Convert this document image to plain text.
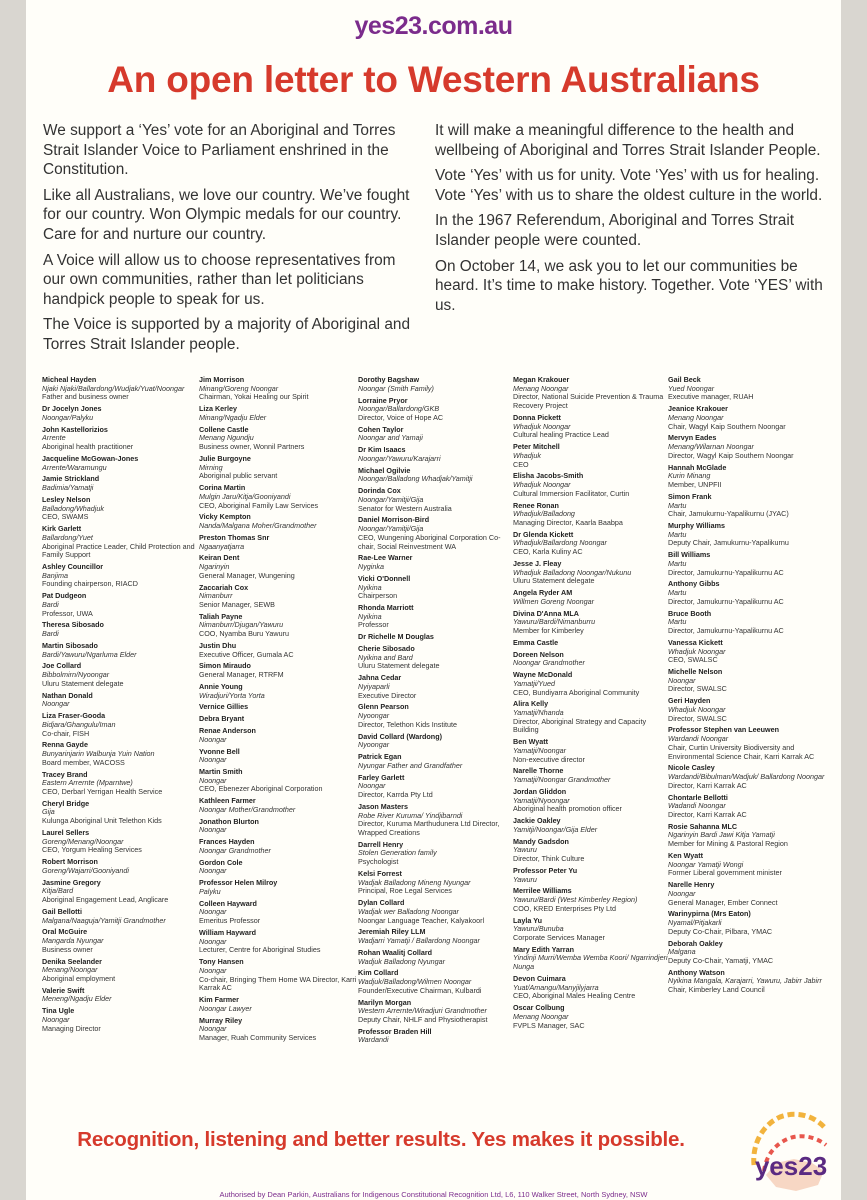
yes23.com.au
An open letter to Western Australians

We support a ‘Yes’ vote for an Aboriginal and Torres Strait Islander Voice to Parliament enshrined in the Constitution.

Like all Australians, we love our country. We’ve fought for our country. Won Olympic medals for our country. Care for and nurture our country.

A Voice will allow us to choose representatives from our own communities, rather than let politicians handpick people to speak for us.

The Voice is supported by a majority of Aboriginal and Torres Strait Islander people.

It will make a meaningful difference to the health and wellbeing of Aboriginal and Torres Strait Islander People.

Vote ‘Yes’ with us for unity. Vote ‘Yes’ with us for healing. Vote ‘Yes’ with us to share the oldest culture in the world.

In the 1967 Referendum, Aboriginal and Torres Strait Islander people were counted.

On October 14, we ask you to let our communities be heard. It’s time to make history. Together. Vote ‘YES’ with us.

Micheal Hayden
Njaki Njaki/Ballardong/Wudjak/Yuat/Noongar
Father and business owner
Dr Jocelyn Jones
Noongar/Palyku
John Kastellorizios
Arrente
Aboriginal health practitioner
Jacqueline McGowan-Jones
Arrente/Waramungu
Jamie Strickland
Badimia/Yamatji
Lesley Nelson
Balladong/Whadjuk
CEO, SWAMS
Kirk Garlett
Ballardong/Yuet
Aboriginal Practice Leader, Child Protection and Family Support
Ashley Councillor
Banjima
Founding chairperson, RIACD
Pat Dudgeon
Bardi
Professor, UWA
Theresa Sibosado
Bardi
Martin Sibosado
Bardi/Yawuru/Ngarluma Elder
Joe Collard
Bibbolmirn/Nyoongar
Uluru Statement delegate
Nathan Donald
Noongar
Liza Fraser-Gooda
Bidjara/Ghangulu/Iman
Co-chair, FISH
Renna Gayde
Bunyarinjarin Walbunja Yuin Nation
Board member, WACOSS
Tracey Brand
Eastern Arrernte (Mparntwe)
CEO, Derbarl Yerrigan Health Service
Cheryl Bridge
Gija
Kulunga Aboriginal Unit Telethon Kids
Laurel Sellers
Goreng/Menang/Noongar
CEO, Yorgum Healing Services
Robert Morrison
Goreng/Wajarri/Gooniyandi
Jasmine Gregory
Kitja/Bard
Aboriginal Engagement Lead, Anglicare
Gail Bellotti
Malgana/Naaguja/Yamitji Grandmother
Oral McGuire
Mangarda Nyungar
Business owner
Denika Seelander
Menang/Noongar
Aboriginal employment
Valerie Swift
Meneng/Ngadju Elder
Tina Ugle
Noongar
Managing Director
Jim Morrison
Minang/Goreng Noongar
Chairman, Yokai Healing our Spirit
Liza Kerley
Minang/Ngadju Elder
Collene Castle
Menang Ngundju
Business owner, Wonnil Partners
Julie Burgoyne
Mirning
Aboriginal public servant
Corina Martin
Mulgin Jaru/Kitja/Gooniyandi
CEO, Aboriginal Family Law Services
Vicky Kempton
Nanda/Malgana Moher/Grandmother
Preston Thomas Snr
Ngaanyatjarra
Keiran Dent
Ngarinyin
General Manager, Wungening
Zaccariah Cox
Nimanburr
Senior Manager, SEWB
Taliah Payne
Nimanburr/Djugan/Yawuru
COO, Nyamba Buru Yawuru
Justin Dhu
Executive Officer, Gumala AC
Simon Miraudo
General Manager, RTRFM
Annie Young
Wiradjuri/Yorta Yorta
Vernice Gillies
Debra Bryant
Renae Anderson
Noongar
Yvonne Bell
Noongar
Martin Smith
Noongar
CEO, Ebenezer Aboriginal Corporation
Kathleen Farmer
Noongar Mother/Grandmother
Jonathon Blurton
Noongar
Frances Hayden
Noongar Grandmother
Gordon Cole
Noongar
Professor Helen Milroy
Palyku
Colleen Hayward
Noongar
Emeritus Professor
William Hayward
Noongar
Lecturer, Centre for Aboriginal Studies
Tony Hansen
Noongar
Co-chair, Bringing Them Home WA Director, Karri Karrak AC
Kim Farmer
Noongar Lawyer
Murray Riley
Noongar
Manager, Ruah Community Services
Dorothy Bagshaw
Noongar (Smith Family)
Lorraine Pryor
Noongar/Ballardong/GKB
Director, Voice of Hope AC
Cohen Taylor
Noongar and Yamaji
Dr Kim Isaacs
Noongar/Yawuru/Karajarri
Michael Ogilvie
Noongar/Balladong Whadjak/Yamitji
Dorinda Cox
Noongar/Yamitji/Gija
Senator for Western Australia
Daniel Morrison-Bird
Noongar/Yamitji/Gija
CEO, Wungening Aboriginal Corporation Co-chair, Social Reinvestment WA
Rae-Lee Warner
Nyginka
Vicki O'Donnell
Nyikina
Chairperson
Rhonda Marriott
Nyikina
Professor
Dr Richelle M Douglas
Cherie Sibosado
Nyikina and Bard
Uluru Statement delegate
Jahna Cedar
Nyiyaparli
Executive Director
Glenn Pearson
Nyoongar
Director, Telethon Kids Institute
David Collard (Wardong)
Nyoongar
Patrick Egan
Nyungar Father and Grandfather
Farley Garlett
Noongar
Director, Karrda Pty Ltd
Jason Masters
Robe River Kuruma/ Yindjibarndi
Director, Kuruma Marthudunera Ltd Director, Wrapped Creations
Darrell Henry
Stolen Generation family
Psychologist
Kelsi Forrest
Wadjak Balladong Mineng Nyungar
Principal, Roe Legal Services
Dylan Collard
Wadjak wer Balladong Noongar
Noongar Language Teacher, Kalyakoorl
Jeremiah Riley LLM
Wadjarri Yamatji / Ballardong Noongar
Rohan Waalitj Collard
Wadjuk Balladong Nyungar
Kim Collard
Wadjuk/Balladong/Wilmen Noongar
Founder/Executive Chairman, Kulbardi
Marilyn Morgan
Western Arrernte/Wiradjuri Grandmother
Deputy Chair, NHLF and Physiotherapist
Professor Braden Hill
Wardandi
Megan Krakouer
Menang Noongar
Director, National Suicide Prevention & Trauma Recovery Project
Donna Pickett
Whadjuk Noongar
Cultural healing Practice Lead
Peter Mitchell
Whadjuk
CEO
Elisha Jacobs-Smith
Whadjuk Noongar
Cultural Immersion Facilitator, Curtin
Renee Ronan
Whadjuk/Balladong
Managing Director, Kaarla Baabpa
Dr Glenda Kickett
Whadjuk/Ballardong Noongar
CEO, Karla Kuliny AC
Jesse J. Fleay
Whadjuk Balladong Noongar/Nukunu
Uluru Statement delegate
Angela Ryder AM
Willmen Goreng Noongar
Divina D'Anna MLA
Yawuru/Bardi/Nimanburru
Member for Kimberley
Emma Castle
Doreen Nelson
Noongar Grandmother
Wayne McDonald
Yamatji/Yued
CEO, Bundiyarra Aboriginal Community
Alira Kelly
Yamatji/Nhanda
Director, Aboriginal Strategy and Capacity Building
Ben Wyatt
Yamatji/Noongar
Non-executive director
Narelle Thorne
Yamatji/Noongar Grandmother
Jordan Gliddon
Yamatji/Nyoongar
Aboriginal health promotion officer
Jackie Oakley
Yamitji/Noongar/Gija Elder
Mandy Gadsdon
Yawuru
Director, Think Culture
Professor Peter Yu
Yawuru
Merrilee Williams
Yawuru/Bardi (West Kimberley Region)
COO, KRED Enterprises Pty Ltd
Layla Yu
Yawuru/Bunuba
Corporate Services Manager
Mary Edith Yarran
Yindinji Murri/Wemba Wemba Koori/ Ngarrindjeri Nunga
Devon Cuimara
Yuat/Amangu/Manyjilyjarra
CEO, Aboriginal Males Healing Centre
Oscar Colbung
Menang Noongar
FVPLS Manager, SAC
Gail Beck
Yued Noongar
Executive manager, RUAH
Jeanice Krakouer
Menang Noongar
Chair, Wagyl Kaip Southern Noongar
Mervyn Eades
Menang/Wilarnan Noongar
Director, Wagyl Kaip Southern Noongar
Hannah McGlade
Kurin Minang
Member, UNPFII
Simon Frank
Martu
Chair, Jamukurnu-Yapalikurnu (JYAC)
Murphy Williams
Martu
Deputy Chair, Jamukurnu-Yapalikurnu
Bill Williams
Martu
Director, Jamukurnu-Yapalikurnu AC
Anthony Gibbs
Martu
Director, Jamukurnu-Yapalikurnu AC
Bruce Booth
Martu
Director, Jamukurnu-Yapalikurnu AC
Vanessa Kickett
Whadjuk Noongar
CEO, SWALSC
Michelle Nelson
Noongar
Director, SWALSC
Geri Hayden
Whadjuk Noongar
Director, SWALSC
Professor Stephen van Leeuwen
Wardandi Noongar
Chair, Curtin University Biodiversity and Environmental Science Chair, Karri Karrak AC
Nicole Casley
Wardandi/Bibulman/Wadjuk/ Ballardong Noongar
Director, Karri Karrak AC
Chontarle Bellotti
Wadandi Noongar
Director, Karri Karrak AC
Rosie Sahanna MLC
Ngarinyin Bardi Jawi Kitja Yamatji
Member for Mining & Pastoral Region
Ken Wyatt
Noongar Yamatji Wongi
Former Liberal government minister
Narelle Henry
Noongar
General Manager, Ember Connect
Warinypirna (Mrs Eaton)
Nyamal/Pitjakarli
Deputy Co-Chair, Pilbara, YMAC
Deborah Oakley
Malgana
Deputy Co-Chair, Yamatji, YMAC
Anthony Watson
Nyikina Mangala, Karajarri, Yawuru, Jabirr Jabirr
Chair, Kimberley Land Council
Recognition, listening and better results. Yes makes it possible.
yes23
Authorised by Dean Parkin, Australians for Indigenous Constitutional Recognition Ltd, L6, 110 Walker Street, North Sydney, NSW
